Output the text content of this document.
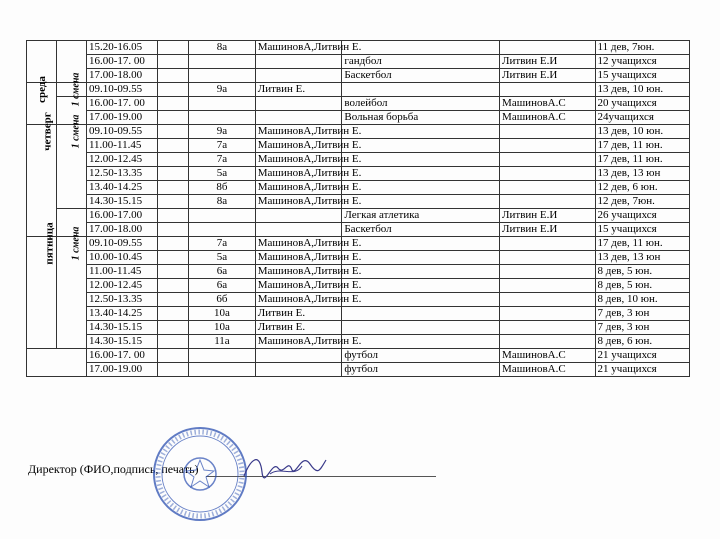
		15.20-16.05		8а	МашиновА,Литвин Е.			11 дев, 7юн.
		16.00-17. 00				гандбол	Литвин Е.И	12 учащихся
		17.00-18.00				Баскетбол	Литвин Е.И	15 учащихся
среда	1 смена	09.10-09.55		9а	Литвин Е.			13 дев, 10 юн.
		16.00-17. 00				волейбол	МашиновА.С	20 учащихся
		17.00-19.00				Вольная борьба	МашиновА.С	24учащихся
четверг	1 смена	09.10-09.55		9а	МашиновА,Литвин Е.			13 дев, 10 юн.
		11.00-11.45		7а	МашиновА,Литвин Е.			17 дев, 11 юн.
		12.00-12.45		7а	МашиновА,Литвин Е.			17 дев, 11 юн.
		12.50-13.35		5а	МашиновА,Литвин Е.			13 дев, 13 юн
		13.40-14.25		8б	МашиновА,Литвин Е.			12 дев, 6 юн.
		14.30-15.15		8а	МашиновА,Литвин Е.			12 дев, 7юн.
		16.00-17.00				Легкая атлетика	Литвин Е.И	26 учащихся
		17.00-18.00				Баскетбол	Литвин Е.И	15 учащихся
пятница	1 смена	09.10-09.55		7а	МашиновА,Литвин Е.			17 дев, 11 юн.
		10.00-10.45		5а	МашиновА,Литвин Е.			13 дев, 13 юн
		11.00-11.45		6а	МашиновА,Литвин Е.			8 дев, 5 юн.
		12.00-12.45		6а	МашиновА,Литвин Е.			8 дев, 5 юн.
		12.50-13.35		6б	МашиновА,Литвин Е.			8 дев, 10 юн.
		13.40-14.25		10а	Литвин Е.			7 дев, 3 юн
		14.30-15.15		10а	Литвин Е.			7 дев, 3 юн
		14.30-15.15		11а	МашиновА,Литвин Е.			8 дев, 6 юн.
		16.00-17. 00				футбол	МашиновА.С	21 учащихся
		17.00-19.00				футбол	МашиновА.С	21 учащихся
Директор (ФИО,подпись, печать)
